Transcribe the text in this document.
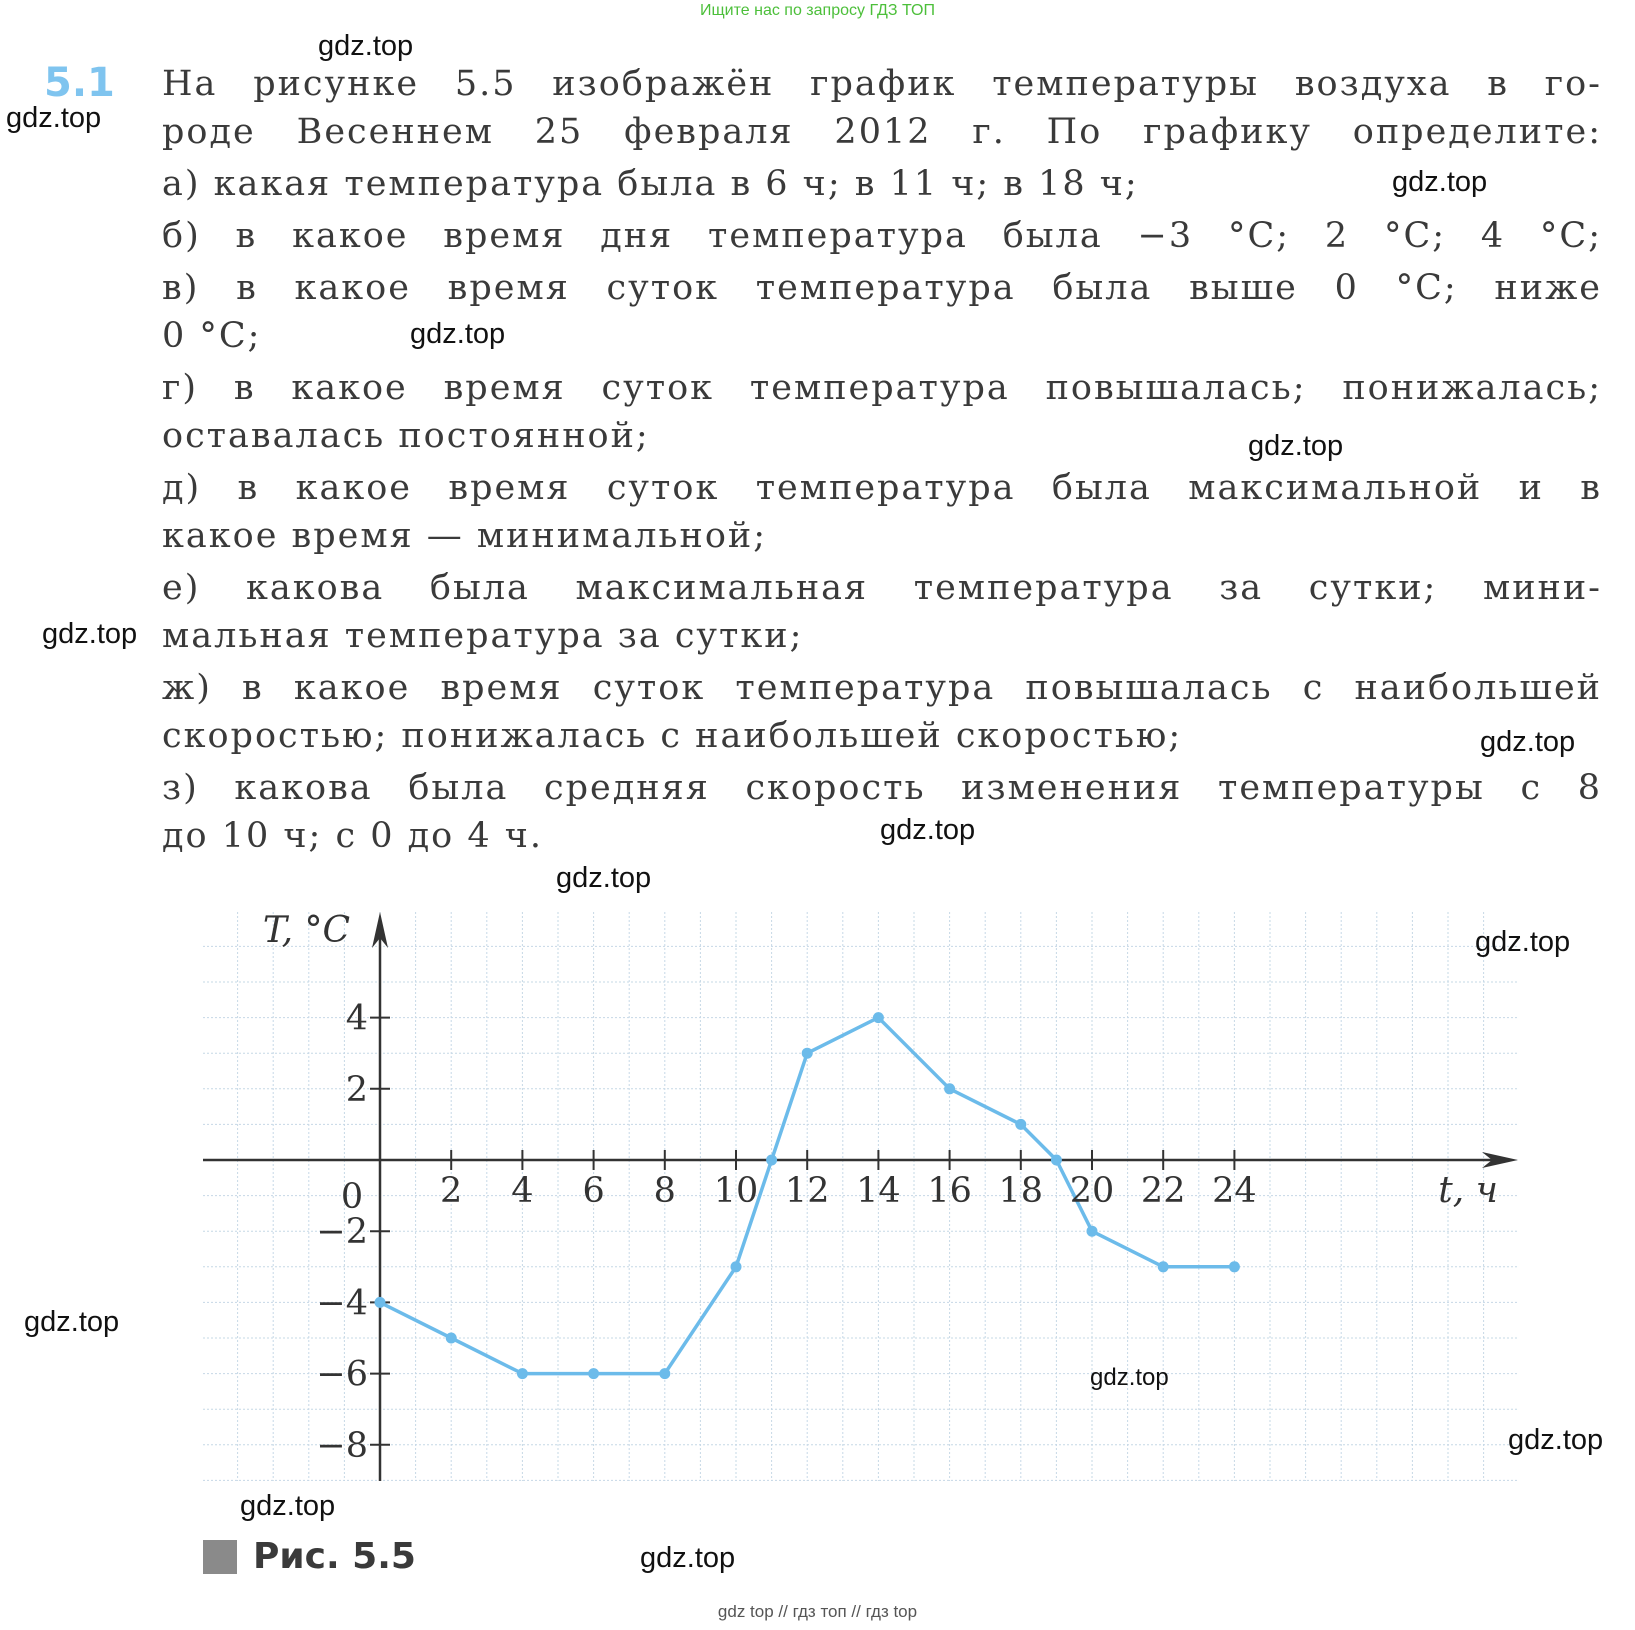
Ищите нас по запросу ГДЗ ТОП
5.1 На рисунке 5.5 изображён график температуры воздуха в го-
роде Весеннем 25 февраля 2012 г. По графику определите:
а) какая температура была в 6 ч; в 11 ч; в 18 ч;
б) в какое время дня температура была −3 °C; 2 °C; 4 °C;
в) в какое время суток температура была выше 0 °C; ниже
0 °C;
г) в какое время суток температура повышалась; понижалась;
оставалась постоянной;
д) в какое время суток температура была максимальной и в
какое время — минимальной;
е) какова была максимальная температура за сутки; мини-
мальная температура за сутки;
ж) в какое время суток температура повышалась с наибольшей
скоростью; понижалась с наибольшей скоростью;
з) какова была средняя скорость изменения температуры с 8
до 10 ч; с 0 до 4 ч.
2 4 6 8 10 12 14 16 18 20 22 24
4
2
−2
−4
−6
−8
0
T, °C
t, ч
Рис. 5.5
gdz.top
gdz.top
gdz.top
gdz.top
gdz.top
gdz.top
gdz.top
gdz.top
gdz.top
gdz.top
gdz.top
gdz.top
gdz.top
gdz.top
gdz.top
gdz top // гдз топ // гдз top
